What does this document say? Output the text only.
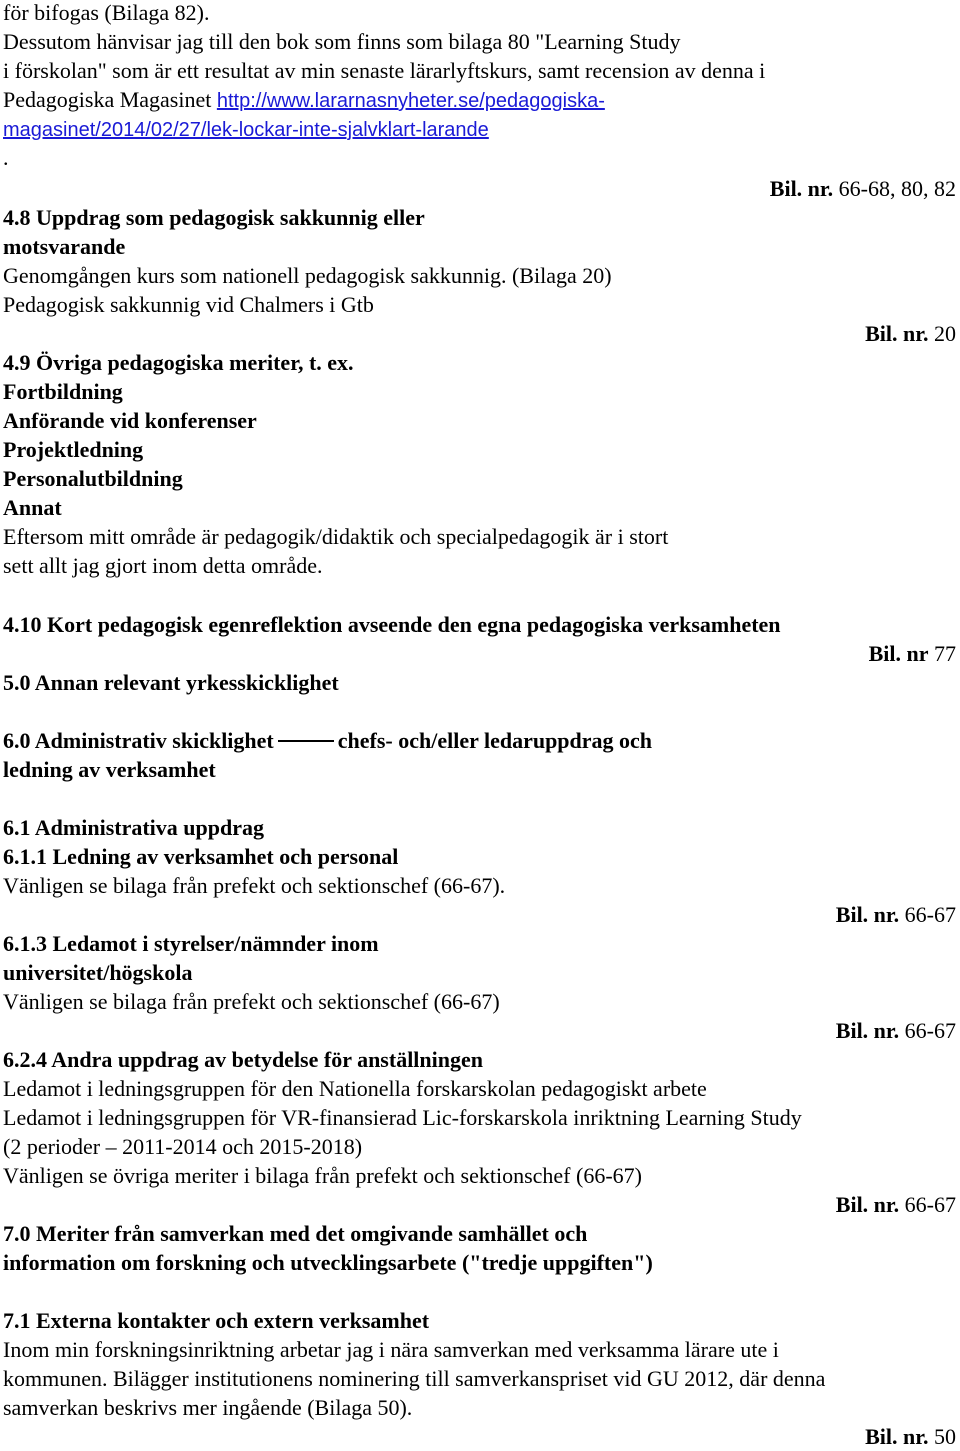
för bifogas (Bilaga 82).
Dessutom hänvisar jag till den bok som finns som bilaga 80 "Learning Study
i förskolan" som är ett resultat av min senaste lärarlyftskurs, samt recension av denna i
Pedagogiska Magasinet http://www.lararnasnyheter.se/pedagogiska-
magasinet/2014/02/27/lek-lockar-inte-sjalvklart-larande
.
Bil. nr. 66-68, 80, 82
4.8 Uppdrag som pedagogisk sakkunnig eller
motsvarande
Genomgången kurs som nationell pedagogisk sakkunnig. (Bilaga 20)
Pedagogisk sakkunnig vid Chalmers i Gtb
Bil. nr. 20
4.9 Övriga pedagogiska meriter, t. ex.
Fortbildning
Anförande vid konferenser
Projektledning
Personalutbildning
Annat
Eftersom mitt område är pedagogik/didaktik och specialpedagogik är i stort
sett allt jag gjort inom detta område.
4.10 Kort pedagogisk egenreflektion avseende den egna pedagogiska verksamheten
Bil. nr 77
5.0 Annan relevant yrkesskicklighet
6.0 Administrativ skicklighet	chefs- och/eller ledaruppdrag och
ledning av verksamhet
6.1 Administrativa uppdrag
6.1.1 Ledning av verksamhet och personal
Vänligen se bilaga från prefekt och sektionschef (66-67).
Bil. nr. 66-67
6.1.3 Ledamot i styrelser/nämnder inom
universitet/högskola
Vänligen se bilaga från prefekt och sektionschef (66-67)
Bil. nr. 66-67
6.2.4 Andra uppdrag av betydelse för anställningen
Ledamot i ledningsgruppen för den Nationella forskarskolan pedagogiskt arbete
Ledamot i ledningsgruppen för VR-finansierad Lic-forskarskola inriktning Learning Study
(2 perioder – 2011-2014 och 2015-2018)
Vänligen se övriga meriter i bilaga från prefekt och sektionschef (66-67)
Bil. nr. 66-67
7.0 Meriter från samverkan med det omgivande samhället och
information om forskning och utvecklingsarbete ("tredje uppgiften")
7.1 Externa kontakter och extern verksamhet
Inom min forskningsinriktning arbetar jag i nära samverkan med verksamma lärare ute i
kommunen. Bilägger institutionens nominering till samverkanspriset vid GU 2012, där denna
samverkan beskrivs mer ingående (Bilaga 50).
Bil. nr. 50
